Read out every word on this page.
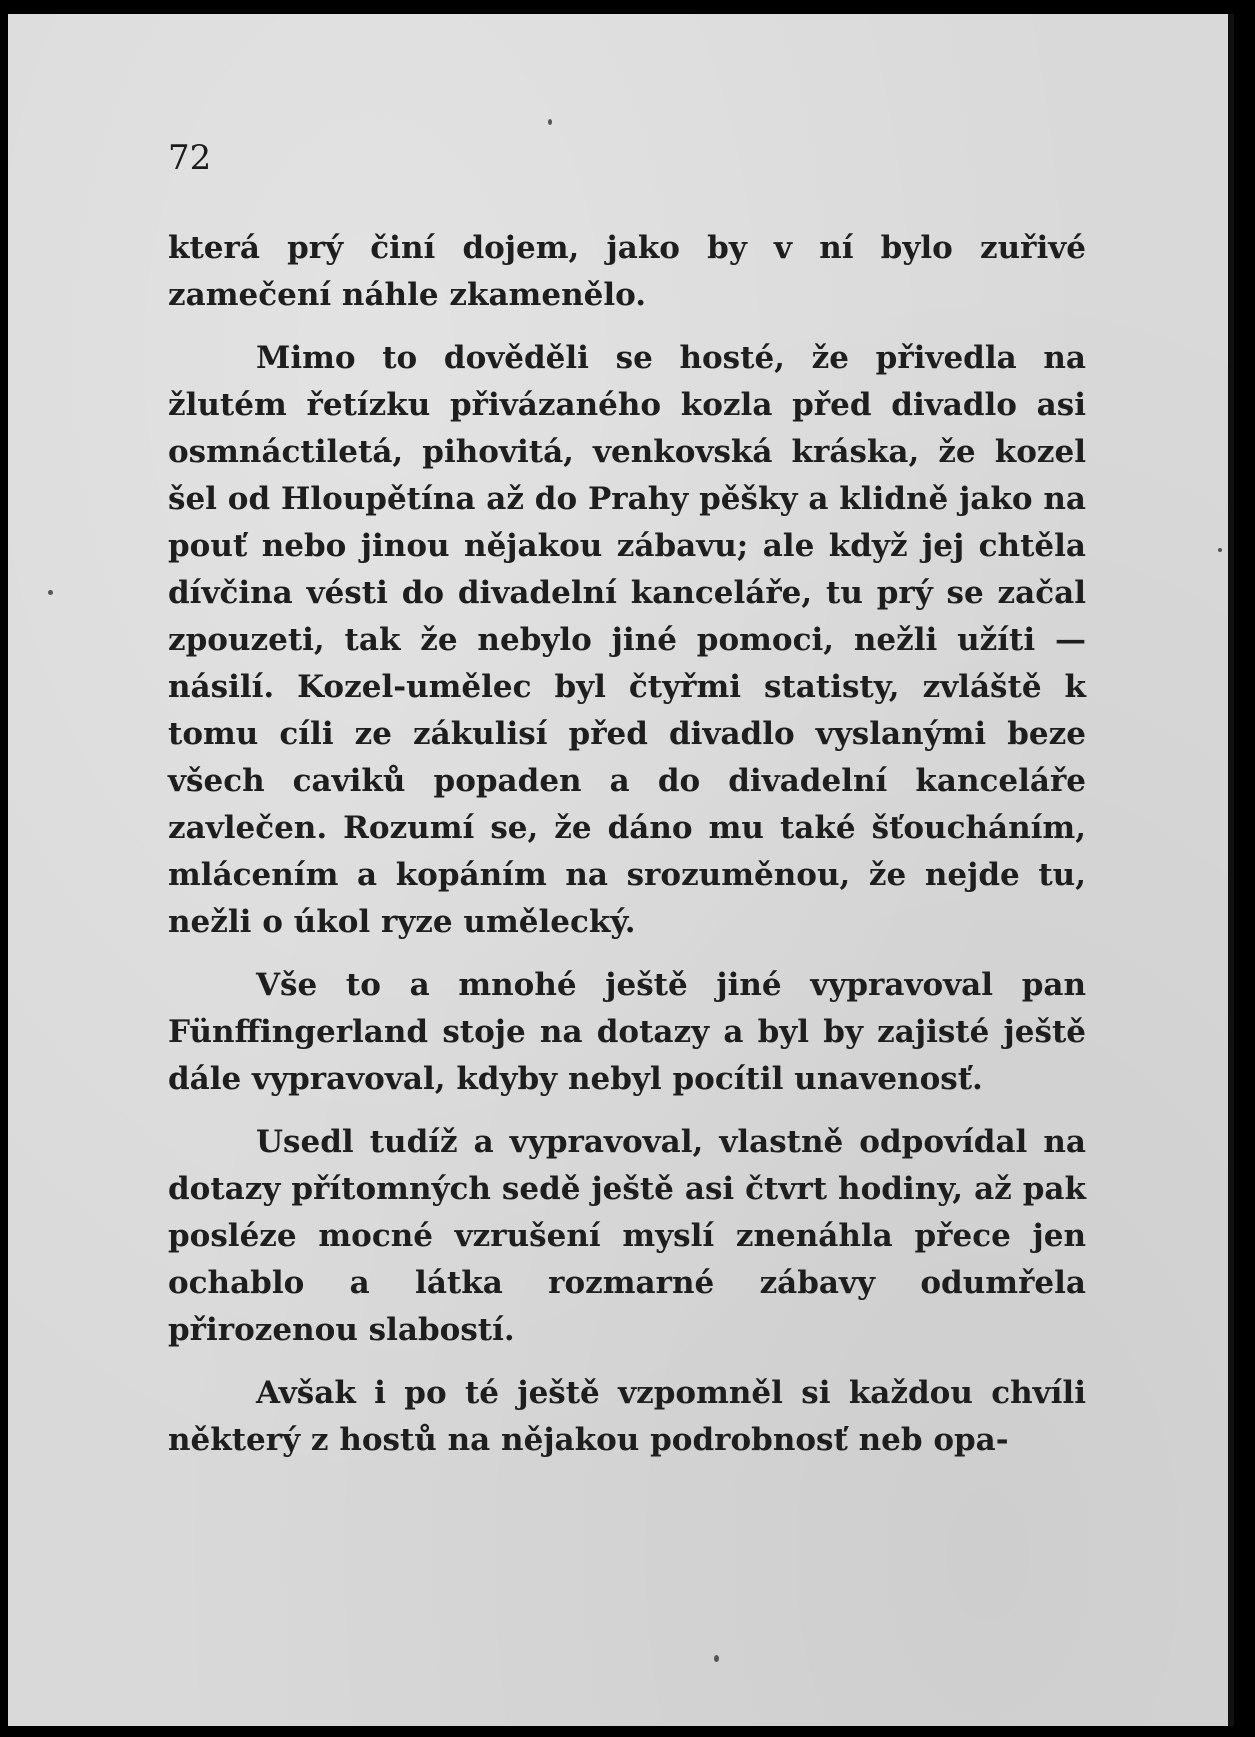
72

která prý činí dojem, jako by v ní bylo zuřivé zamečení náhle zkamenělo.

Mimo to dověděli se hosté, že přivedla na žlutém řetízku přivázaného kozla před divadlo asi osmnáctiletá, pihovitá, venkovská kráska, že kozel šel od Hloupětína až do Prahy pěšky a klidně jako na pouť nebo jinou nějakou zábavu; ale když jej chtěla dívčina vésti do divadelní kanceláře, tu prý se začal zpouzeti, tak že nebylo jiné pomoci, nežli užíti — násilí. Kozel-umělec byl čtyřmi statisty, zvláště k tomu cíli ze zákulisí před divadlo vyslanými beze všech caviků popaden a do divadelní kanceláře zavlečen. Rozumí se, že dáno mu také šťoucháním, mlácením a kopáním na srozuměnou, že nejde tu, nežli o úkol ryze umělecký.

Vše to a mnohé ještě jiné vypravoval pan Fünffingerland stoje na dotazy a byl by zajisté ještě dále vypravoval, kdyby nebyl pocítil unavenosť.

Usedl tudíž a vypravoval, vlastně odpovídal na dotazy přítomných sedě ještě asi čtvrt hodiny, až pak posléze mocné vzrušení myslí znenáhla přece jen ochablo a látka rozmarné zábavy odumřela přirozenou slabostí.

Avšak i po té ještě vzpomněl si každou chvíli některý z hostů na nějakou podrobnosť neb opa-
